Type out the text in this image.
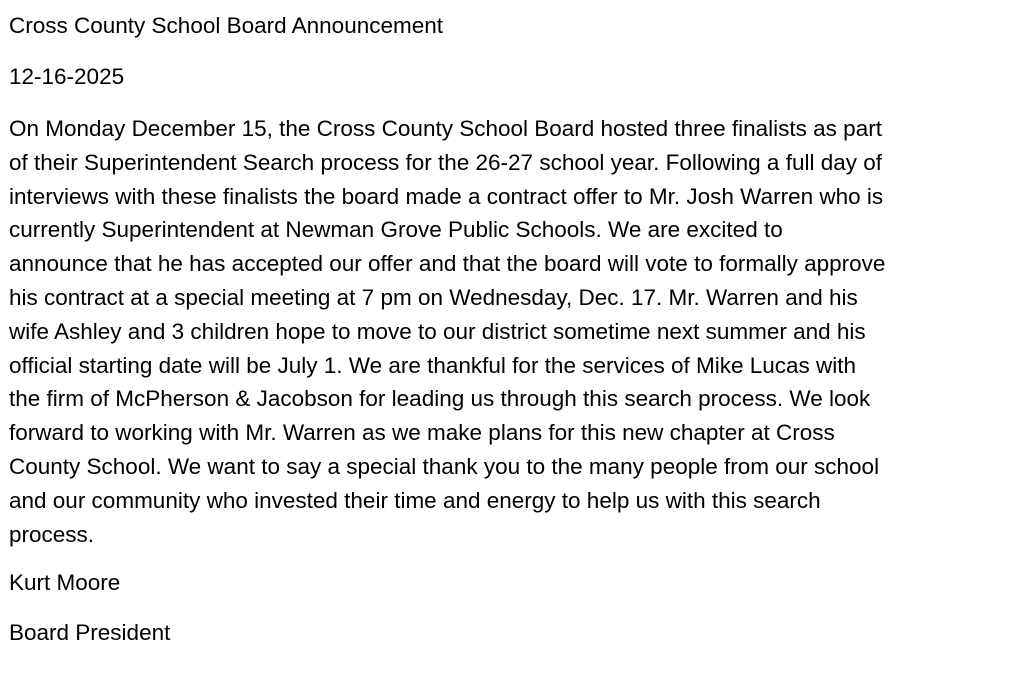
Cross County School Board Announcement

12-16-2025

On Monday December 15, the Cross County School Board hosted three finalists as part
of their Superintendent Search process for the 26-27 school year. Following a full day of
interviews with these finalists the board made a contract offer to Mr. Josh Warren who is
currently Superintendent at Newman Grove Public Schools. We are excited to
announce that he has accepted our offer and that the board will vote to formally approve
his contract at a special meeting at 7 pm on Wednesday, Dec. 17. Mr. Warren and his
wife Ashley and 3 children hope to move to our district sometime next summer and his
official starting date will be July 1. We are thankful for the services of Mike Lucas with
the firm of McPherson & Jacobson for leading us through this search process. We look
forward to working with Mr. Warren as we make plans for this new chapter at Cross
County School. We want to say a special thank you to the many people from our school
and our community who invested their time and energy to help us with this search
process.

Kurt Moore

Board President
